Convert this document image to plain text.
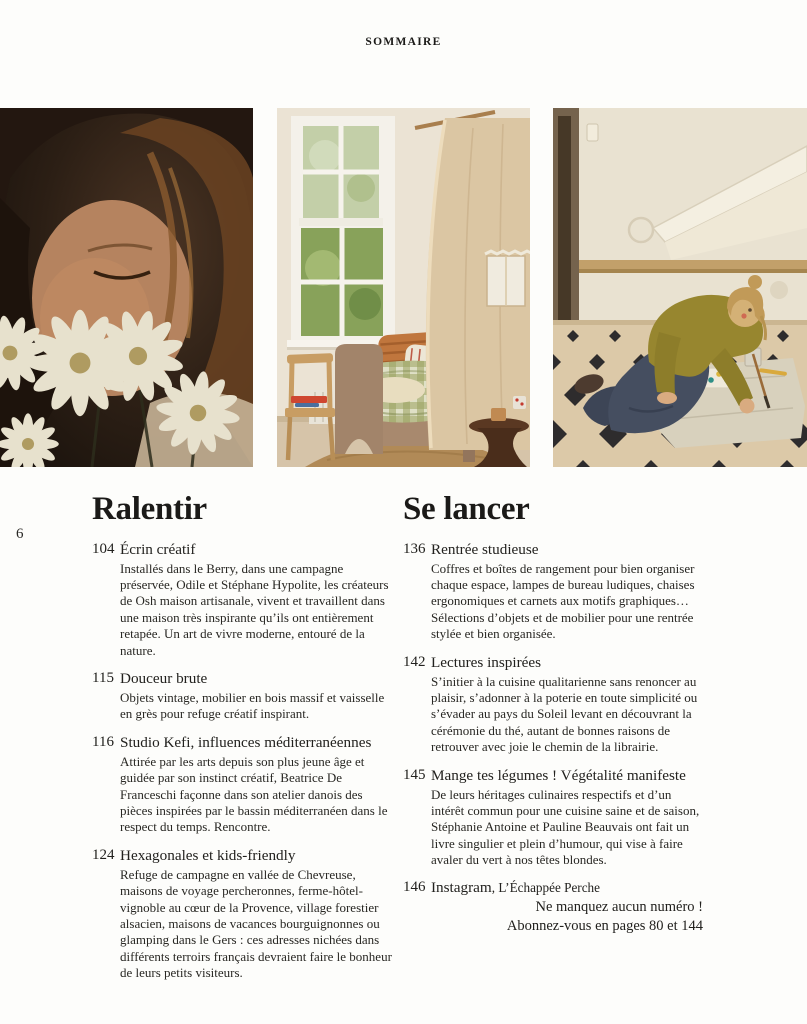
SOMMAIRE
6
Ralentir
104 Écrin créatif

Installés dans le Berry, dans une campagne préservée, Odile et Stéphane Hypolite, les créateurs de Osh maison artisanale, vivent et travaillent dans une maison très inspirante qu’ils ont entièrement retapée. Un art de vivre moderne, entouré de la nature.

115 Douceur brute

Objets vintage, mobilier en bois massif et vaisselle en grès pour refuge créatif inspirant.

116 Studio Kefi, influences méditerranéennes

Attirée par les arts depuis son plus jeune âge et guidée par son instinct créatif, Beatrice De Franceschi façonne dans son atelier danois des pièces inspirées par le bassin méditerranéen dans le respect du temps. Rencontre.

124 Hexagonales et kids-friendly

Refuge de campagne en vallée de Chevreuse, maisons de voyage percheronnes, ferme-hôtel-vignoble au cœur de la Provence, village forestier alsacien, maisons de vacances bourguignonnes ou glamping dans le Gers : ces adresses nichées dans différents terroirs français devraient faire le bonheur de leurs petits visiteurs.

Se lancer
136 Rentrée studieuse

Coffres et boîtes de rangement pour bien organiser chaque espace, lampes de bureau ludiques, chaises ergonomiques et carnets aux motifs graphiques… Sélections d’objets et de mobilier pour une rentrée stylée et bien organisée.

142 Lectures inspirées

S’initier à la cuisine qualitarienne sans renoncer au plaisir, s’adonner à la poterie en toute simplicité ou s’évader au pays du Soleil levant en découvrant la cérémonie du thé, autant de bonnes raisons de retrouver avec joie le chemin de la librairie.

145 Mange tes légumes ! Végétalité manifeste

De leurs héritages culinaires respectifs et d’un intérêt commun pour une cuisine saine et de saison, Stéphanie Antoine et Pauline Beauvais ont fait un livre singulier et plein d’humour, qui vise à faire avaler du vert à nos têtes blondes.

146 Instagram, L’Échappée Perche
Ne manquez aucun numéro !
Abonnez-vous en pages 80 et 144
